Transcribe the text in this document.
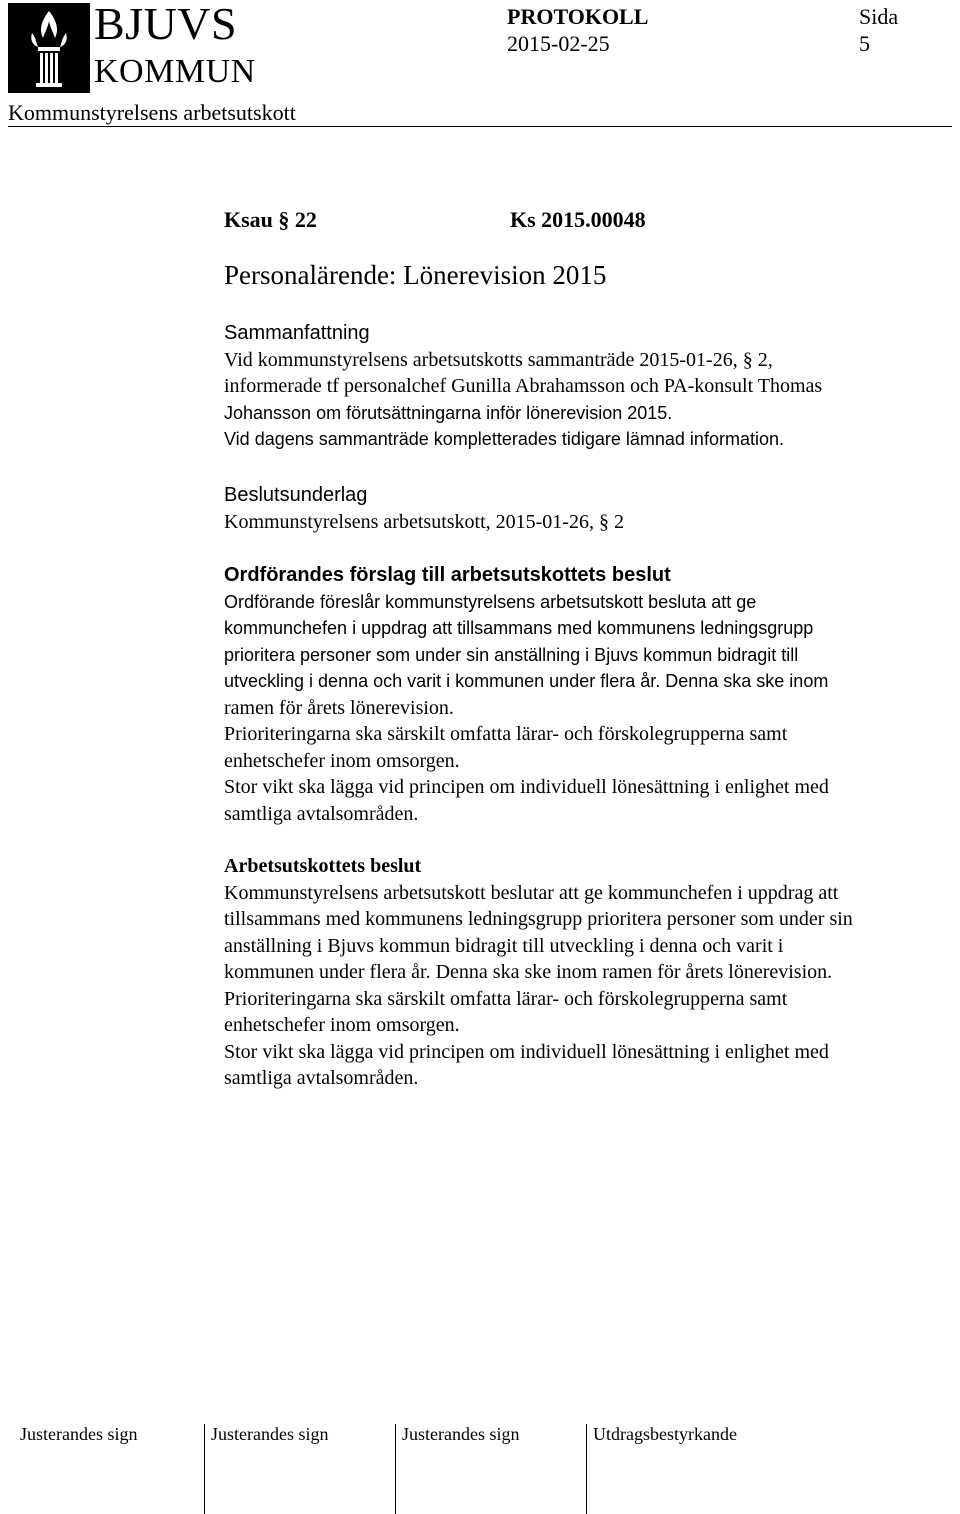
BJUVS
KOMMUN
PROTOKOLL
2015-02-25
Sida
5
Kommunstyrelsens arbetsutskott
Ksau § 22	Ks 2015.00048
Personalärende: Lönerevision 2015

Sammanfattning

Vid kommunstyrelsens arbetsutskotts sammanträde 2015-01-26, § 2,

informerade tf personalchef Gunilla Abrahamsson och PA-konsult Thomas

Johansson om förutsättningarna inför lönerevision 2015.

Vid dagens sammanträde kompletterades tidigare lämnad information.

Beslutsunderlag

Kommunstyrelsens arbetsutskott, 2015-01-26, § 2

Ordförandes förslag till arbetsutskottets beslut

Ordförande föreslår kommunstyrelsens arbetsutskott besluta att ge

kommunchefen i uppdrag att tillsammans med kommunens ledningsgrupp

prioritera personer som under sin anställning i Bjuvs kommun bidragit till

utveckling i denna och varit i kommunen under flera år. Denna ska ske inom

ramen för årets lönerevision.

Prioriteringarna ska särskilt omfatta lärar- och förskolegrupperna samt

enhetschefer inom omsorgen.

Stor vikt ska lägga vid principen om individuell lönesättning i enlighet med

samtliga avtalsområden.

Arbetsutskottets beslut

Kommunstyrelsens arbetsutskott beslutar att ge kommunchefen i uppdrag att

tillsammans med kommunens ledningsgrupp prioritera personer som under sin

anställning i Bjuvs kommun bidragit till utveckling i denna och varit i

kommunen under flera år. Denna ska ske inom ramen för årets lönerevision.

Prioriteringarna ska särskilt omfatta lärar- och förskolegrupperna samt

enhetschefer inom omsorgen.

Stor vikt ska lägga vid principen om individuell lönesättning i enlighet med

samtliga avtalsområden.

Justerandes sign	Justerandes sign	Justerandes sign	Utdragsbestyrkande
